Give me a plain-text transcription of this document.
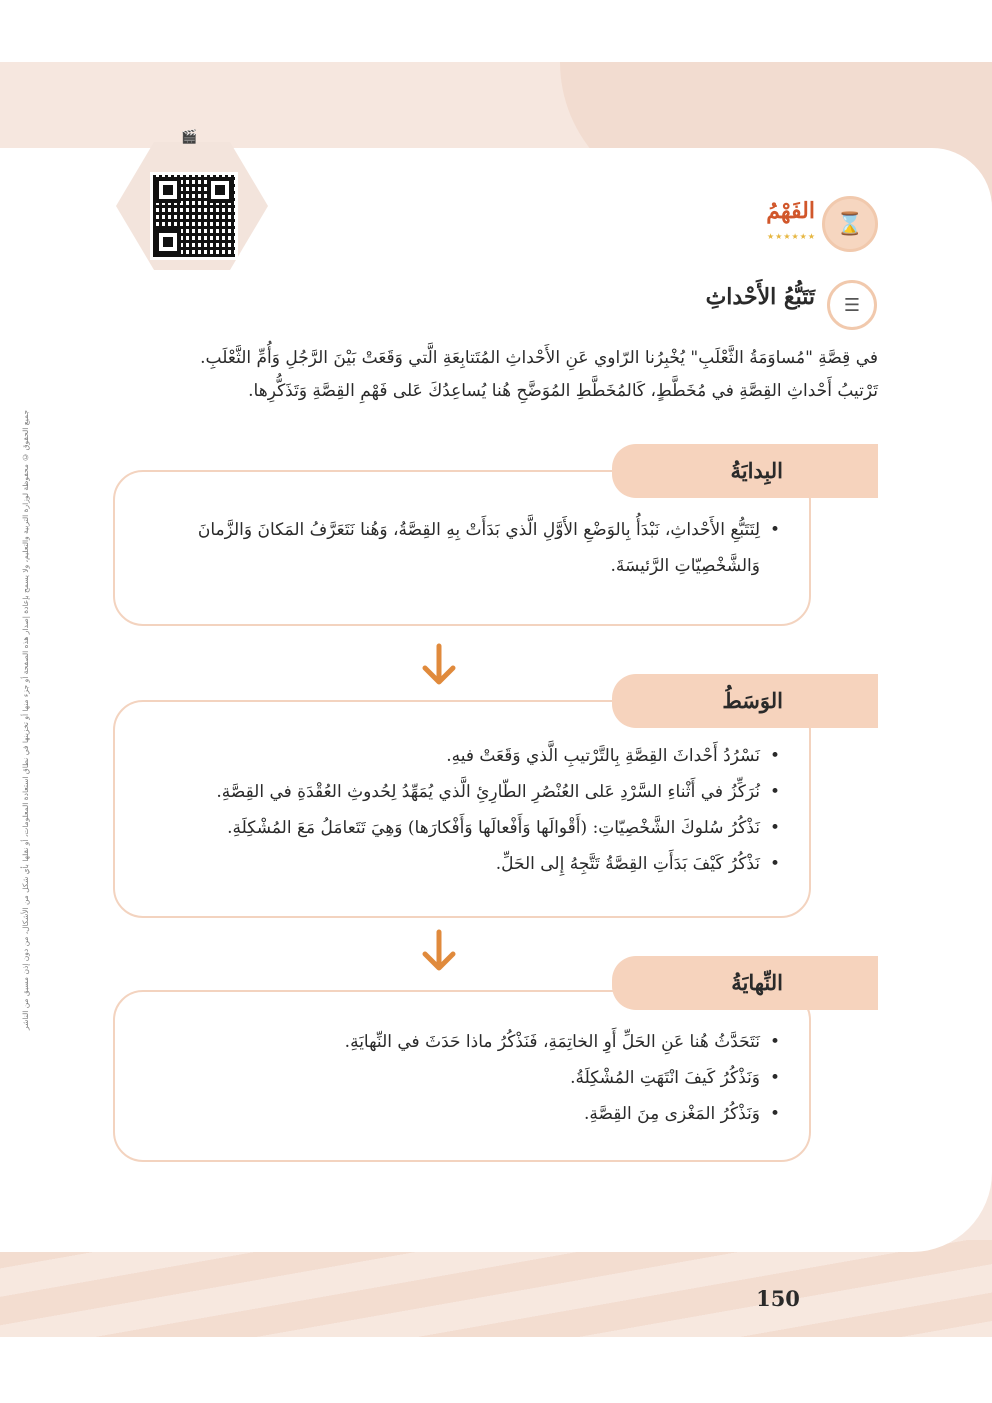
جميع الحقوق © محفوظة لوزارة التربية والتعليم، ولا يسمح بإعادة إصدار هذه الصفحة أو جزء منها أو تخزينها في نطاق استعادة المعلومات، أو نقلها بأي شكل من الأشكال، من دون إذن مسبق من الناشر
🎬
⌛
الفَهْمُ
★★★★★★
☰
تَتَبُّعُ الأَحْداثِ
في قِصَّةِ "مُساوَمَةُ الثَّعْلَبِ" يُخْبِرُنا الرّاوي عَنِ الأَحْداثِ المُتَتابِعَةِ الَّتي وَقَعَتْ بَيْنَ الرَّجُلِ وَأُمِّ الثَّعْلَبِ.
تَرْتيبُ أَحْداثِ القِصَّةِ في مُخَطَّطٍ، كَالمُخَطَّطِ المُوَضَّحِ هُنا يُساعِدُكَ عَلى فَهْمِ القِصَّةِ وَتَذَكُّرِها.
البِدايَةُ
• لِتَتَبُّعِ الأَحْداثِ، نَبْدَأُ بِالوَضْعِ الأَوَّلِ الَّذي بَدَأَتْ بِهِ القِصَّةُ، وَهُنا نَتَعَرَّفُ المَكانَ وَالزَّمانَ وَالشَّخْصِيّاتِ الرَّئيسَةَ.
الوَسَطُ
• نَسْرُدُ أَحْداثَ القِصَّةِ بِالتَّرْتيبِ الَّذي وَقَعَتْ فيهِ.
• نُرَكِّزُ في أَثْناءِ السَّرْدِ عَلى العُنْصُرِ الطّارِئِ الَّذي يُمَهِّدُ لِحُدوثِ العُقْدَةِ في القِصَّةِ.
• نَذْكُرُ سُلوكَ الشَّخْصِيّاتِ: (أَقْوالَها وَأَفْعالَها وَأَفْكارَها) وَهِيَ تَتَعامَلُ مَعَ المُشْكِلَةِ.
• نَذْكُرُ كَيْفَ بَدَأَتِ القِصَّةُ تَتَّجِهُ إِلى الحَلِّ.
النِّهايَةُ
• نَتَحَدَّثُ هُنا عَنِ الحَلِّ أَوِ الخاتِمَةِ، فَنَذْكُرُ ماذا حَدَثَ في النِّهايَةِ.
• وَنَذْكُرُ كَيفَ انْتَهَتِ المُشْكِلَةُ.
• وَنَذْكُرُ المَغْزى مِنَ القِصَّةِ.
150
